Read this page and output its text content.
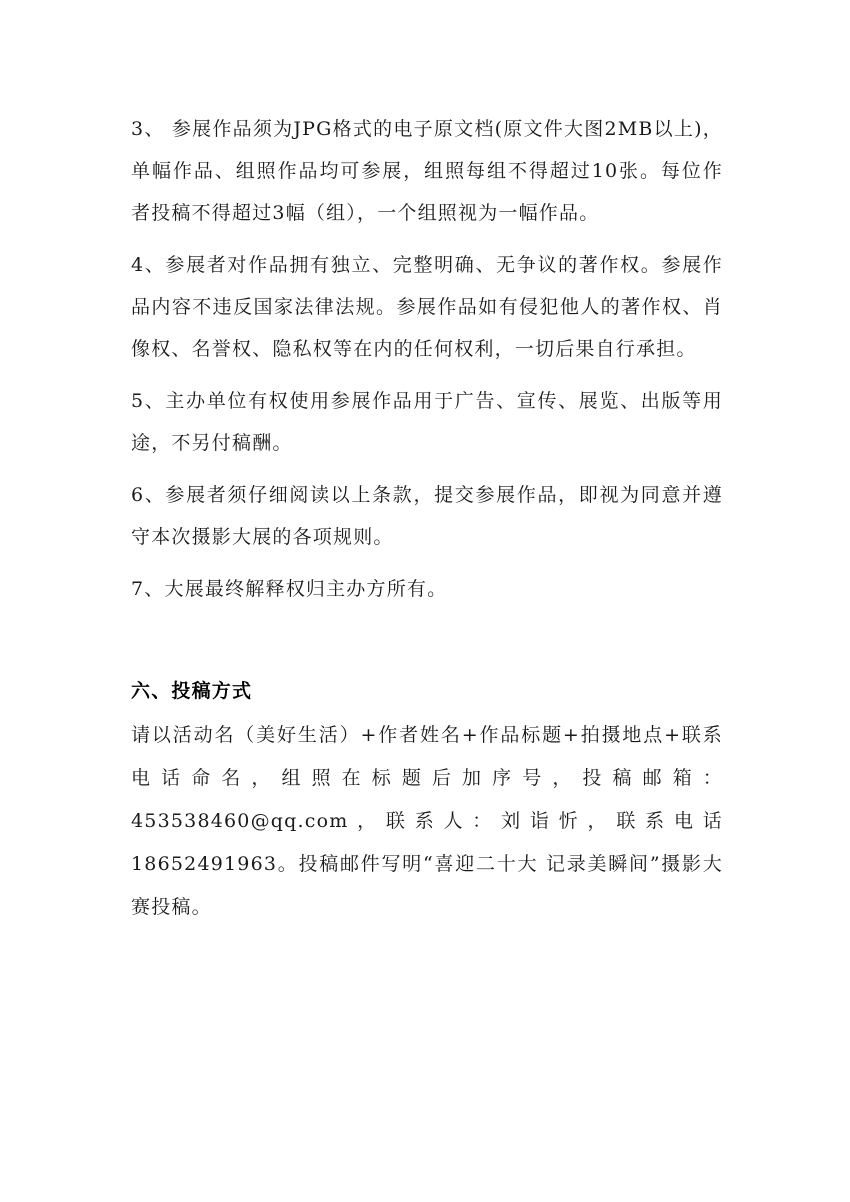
3、 参展作品须为JPG格式的电子原文档(原文件大图2MB以上)，单幅作品、组照作品均可参展，组照每组不得超过10张。每位作者投稿不得超过3幅（组），一个组照视为一幅作品。

4、参展者对作品拥有独立、完整明确、无争议的著作权。参展作品内容不违反国家法律法规。参展作品如有侵犯他人的著作权、肖像权、名誉权、隐私权等在内的任何权利，一切后果自行承担。

5、主办单位有权使用参展作品用于广告、宣传、展览、出版等用途，不另付稿酬。

6、参展者须仔细阅读以上条款，提交参展作品，即视为同意并遵守本次摄影大展的各项规则。

7、大展最终解释权归主办方所有。

六、投稿方式

请以活动名（美好生活）+作者姓名+作品标题+拍摄地点+联系电话命名，组照在标题后加序号，投稿邮箱：453538460@qq.com，联系人：刘诣忻，联系电话 18652491963。投稿邮件写明“喜迎二十大 记录美瞬间”摄影大赛投稿。
